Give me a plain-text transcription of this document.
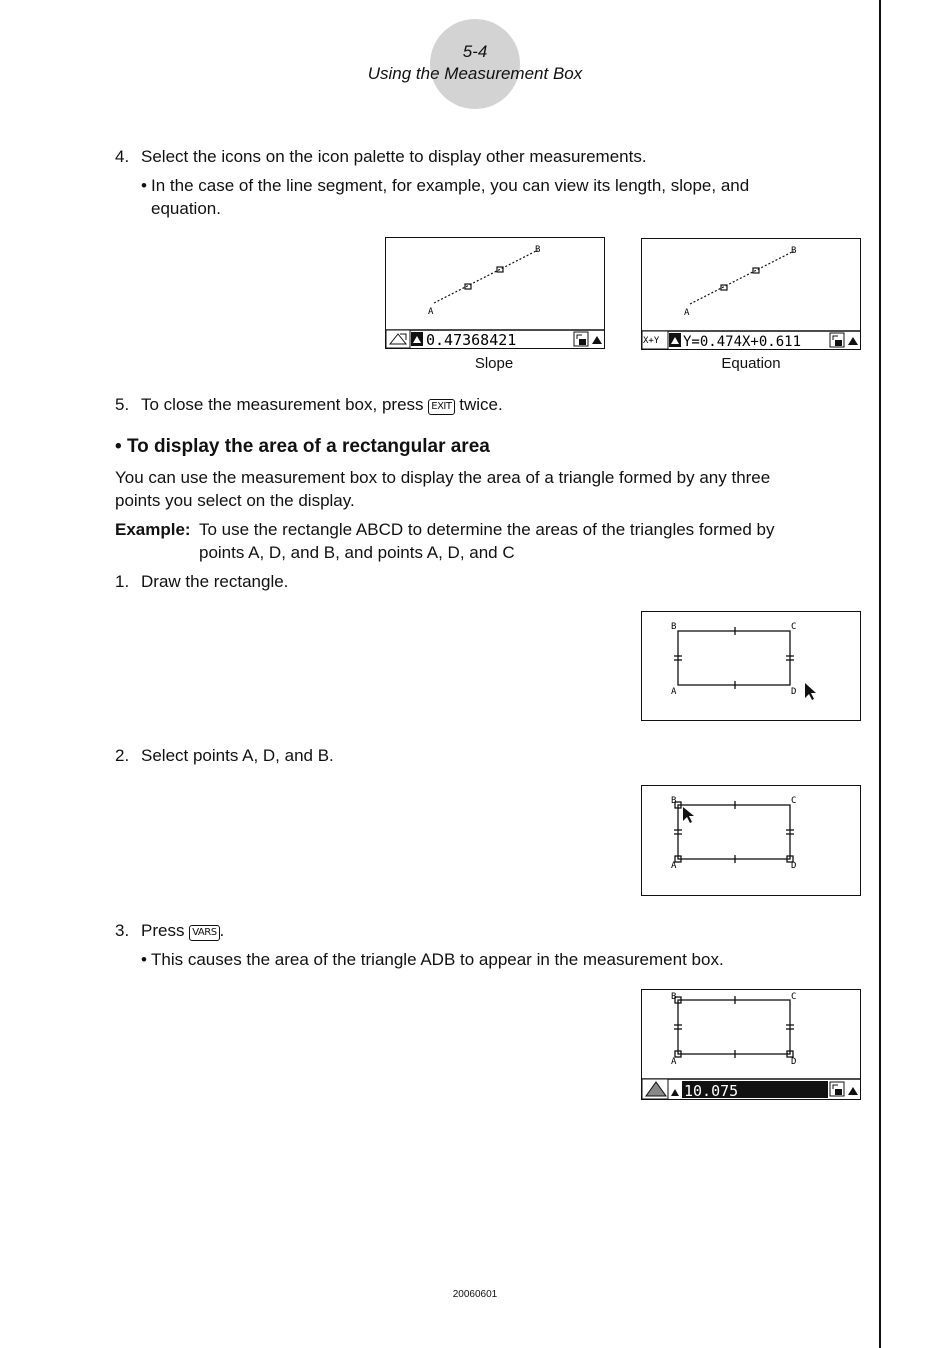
5-4
Using the Measurement Box
4. Select the icons on the icon palette to display other measurements.
• In the case of the line segment, for example, you can view its length, slope, and
equation.
A
B
0.47368421
Slope
A
B
X+Y Y=0.474X+0.611
Equation
5. To close the measurement box, press EXIT twice.
• To display the area of a rectangular area
You can use the measurement box to display the area of a triangle formed by any three
points you select on the display.
Example: To use the rectangle ABCD to determine the areas of the triangles formed by
points A, D, and B, and points A, D, and C
1. Draw the rectangle.
B	C
A	D
2. Select points A, D, and B.
B	C
A	D
3. Press VARS .
• This causes the area of the triangle ADB to appear in the measurement box.
B	C
A	D
10.075
20060601
